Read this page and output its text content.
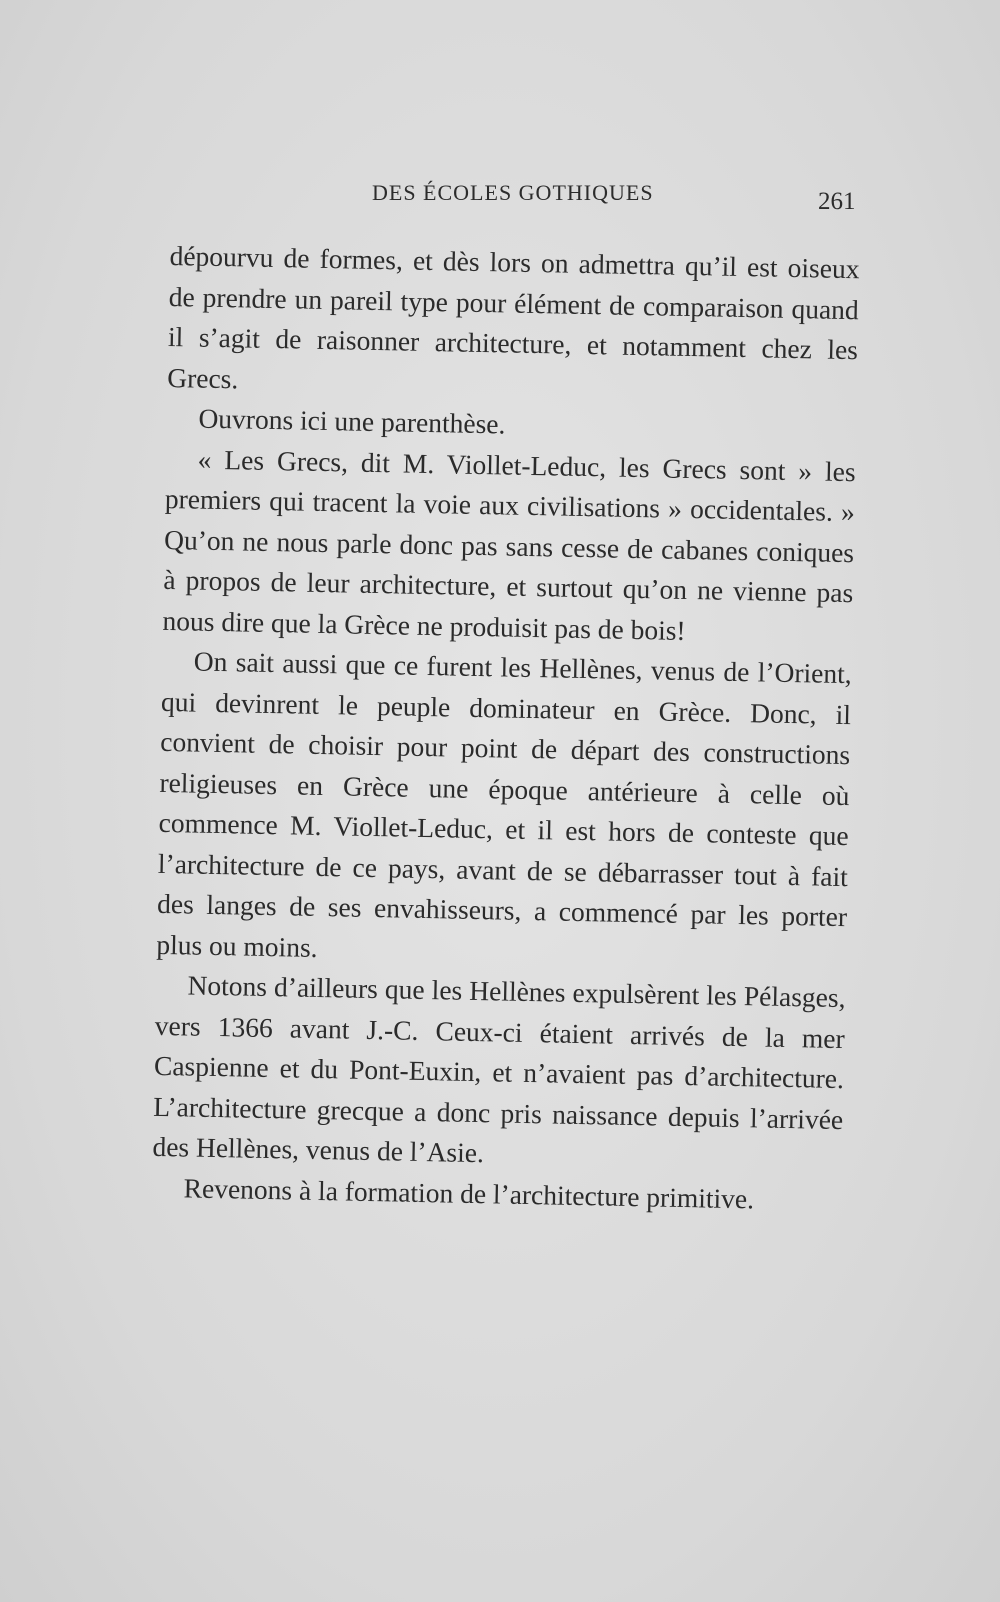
DES ÉCOLES GOTHIQUES	261

dépourvu de formes, et dès lors on admettra qu’il est oiseux de prendre un pareil type pour élément de comparaison quand il s’agit de raisonner architecture, et notamment chez les Grecs.

Ouvrons ici une parenthèse.

« Les Grecs, dit M. Viollet-Leduc, les Grecs sont » les premiers qui tracent la voie aux civilisations » occidentales. » Qu’on ne nous parle donc pas sans cesse de cabanes coniques à propos de leur architecture, et surtout qu’on ne vienne pas nous dire que la Grèce ne produisit pas de bois!

On sait aussi que ce furent les Hellènes, venus de l’Orient, qui devinrent le peuple dominateur en Grèce. Donc, il convient de choisir pour point de départ des constructions religieuses en Grèce une époque antérieure à celle où commence M. Viollet-Leduc, et il est hors de conteste que l’architecture de ce pays, avant de se débarrasser tout à fait des langes de ses envahisseurs, a commencé par les porter plus ou moins.

Notons d’ailleurs que les Hellènes expulsèrent les Pélasges, vers 1366 avant J.-C. Ceux-ci étaient arrivés de la mer Caspienne et du Pont-Euxin, et n’avaient pas d’architecture. L’architecture grecque a donc pris naissance depuis l’arrivée des Hellènes, venus de l’Asie.

Revenons à la formation de l’architecture primitive.
